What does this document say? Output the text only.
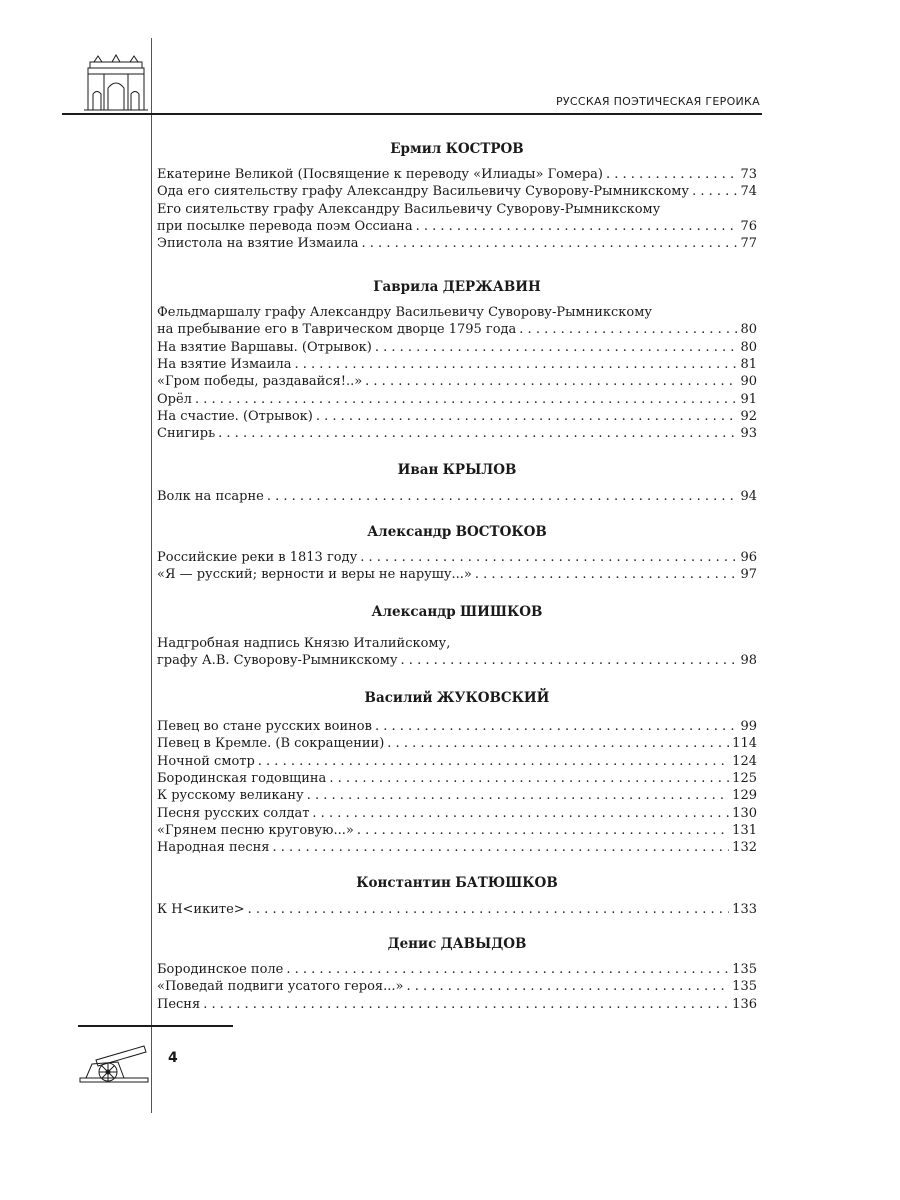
РУССКАЯ ПОЭТИЧЕСКАЯ ГЕРОИКА
Ермил КОСТРОВ
Екатерине Великой (Посвящение к переводу «Илиады» Гомера) . . .	73
Ода его сиятельству графу Александру Васильевичу Суворову-Рымникскому . . .	74
Его сиятельству графу Александру Васильевичу Суворову-Рымникскому
при посылке перевода поэм Оссиана . . .	76
Эпистола на взятие Измаила . . .	77
Гаврила ДЕРЖАВИН
Фельдмаршалу графу Александру Васильевичу Суворову-Рымникскому
на пребывание его в Таврическом дворце 1795 года . . .	80
На взятие Варшавы. (Отрывок) . . .	80
На взятие Измаила . . .	81
«Гром победы, раздавайся!..» . . .	90
Орёл . . .	91
На счастие. (Отрывок) . . .	92
Снигирь . . .	93
Иван КРЫЛОВ
Волк на псарне . . .	94
Александр ВОСТОКОВ
Российские реки в 1813 году . . .	96
«Я — русский; верности и веры не нарушу...» . . .	97
Александр ШИШКОВ
Надгробная надпись Князю Италийскому,
графу А.В. Суворову-Рымникскому . . .	98
Василий ЖУКОВСКИЙ
Певец во стане русских воинов . . .	99
Певец в Кремле. (В сокращении) . . .	114
Ночной смотр . . .	124
Бородинская годовщина . . .	125
К русскому великану . . .	129
Песня русских солдат . . .	130
«Грянем песню круговую...» . . .	131
Народная песня . . .	132
Константин БАТЮШКОВ
К Н<иките> . . .	133
Денис ДАВЫДОВ
Бородинское поле . . .	135
«Поведай подвиги усатого героя...» . . .	135
Песня . . .	136
4
